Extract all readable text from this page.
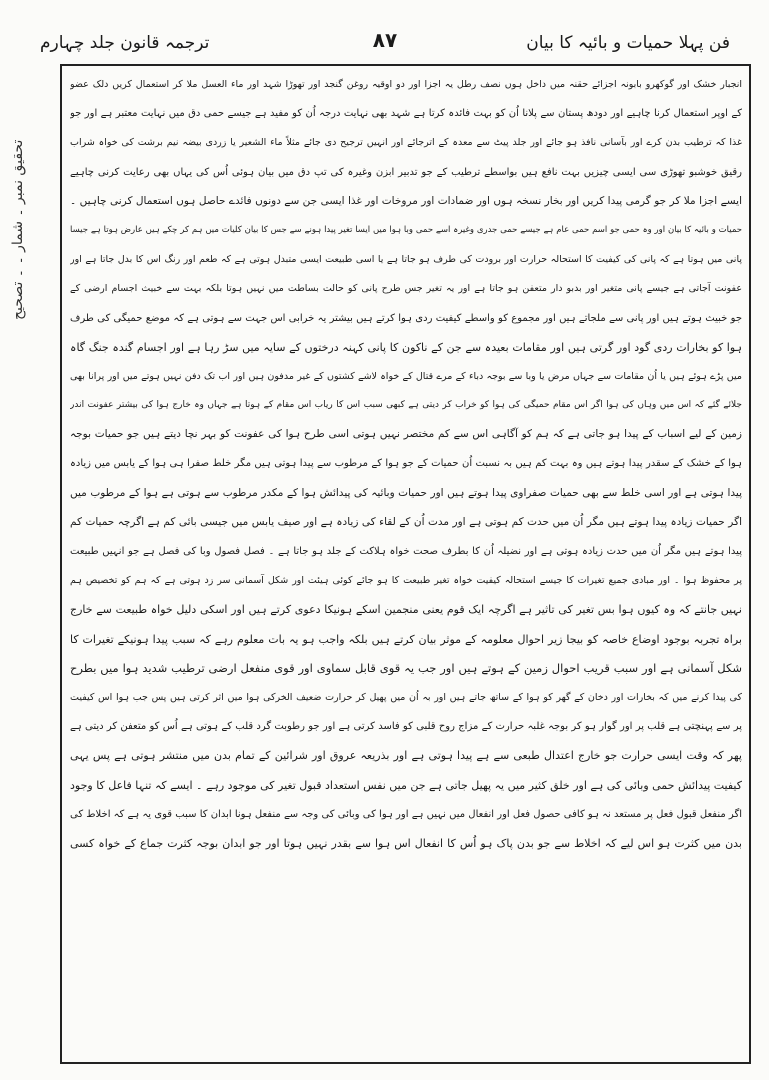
فن پہلا حمیات و بائیہ کا بیان
۸۷
ترجمہ قانون جلد چہارم
تحقیق نمبر ۔ شمار ۔ ۔ تصحیح
انجبار خشک اور گوکھرو بابونہ اجزائے حقنہ میں داخل ہوں نصف رطل یہ اجزا اور دو اوقیہ روغن گنجد اور تھوڑا شہد اور ماء العسل ملا کر استعمال کریں دلک عضو
کے اوپر استعمال کرنا چاہیے اور دودھ پستان سے پلانا اُن کو بہت فائدہ کرتا ہے شہد بھی نہایت درجہ اُن کو مفید ہے جیسے حمی دق میں نہایت معتبر ہے اور جو
غذا کہ ترطیب بدن کرے اور بآسانی نافذ ہو جائے اور جلد پیٹ سے معدہ کے اترجائے اور انہیں ترجیح دی جائے مثلاً ماء الشعیر یا زردی بیضہ نیم برشت کی خواہ شراب
رقیق خوشبو تھوڑی سی ایسی چیزیں بہت نافع ہیں بواسطے ترطیب کے جو تدبیر ابزن وغیرہ کی تپ دق میں بیان ہوئی اُس کی یہاں بھی رعایت کرنی چاہیے
ایسے اجزا ملا کر جو گرمی پیدا کریں اور بخار نسخہ ہوں اور ضمادات اور مروخات اور غذا ایسی جن سے دونوں فائدے حاصل ہوں استعمال کرنی چاہیں ۔
حمیات و بائیہ کا بیان اور وہ حمی جو اسم حمی عام ہے جیسے حمی جدری وغیرہ اسے حمی وبا ہوا میں ایسا تغیر پیدا ہونے سے جس کا بیان کلیات میں ہم کر چکے ہیں عارض ہوتا ہے جیسا
پانی میں ہوتا ہے کہ پانی کی کیفیت کا استحالہ حرارت اور برودت کی طرف ہو جاتا ہے یا اسی طبیعت ایسی متبدل ہوتی ہے کہ طعم اور رنگ اس کا بدل جاتا ہے اور
عفونت آجاتی ہے جیسے پانی متغیر اور بدبو دار متعفن ہو جاتا ہے اور یہ تغیر جس طرح پانی کو حالت بساطت میں نہیں ہوتا بلکہ بہت سے خبیث اجسام ارضی کے
جو خبیث ہوتے ہیں اور پانی سے ملجاتے ہیں اور مجموع کو واسطے کیفیت ردی ہوا کرتے ہیں بیشتر یہ خرابی اس جہت سے ہوتی ہے کہ موضع حمیگی کی طرف
ہوا کو بخارات ردی گود اور گرتی ہیں اور مقامات بعیدہ سے جن کے ناکون کا پانی کہنہ درختوں کے سایہ میں سڑ رہا ہے اور اجسام گندہ جنگ گاہ
میں پڑے ہوئے ہیں یا اُن مقامات سے جہاں مرض یا وبا سے بوجہ دباء کے مرے قتال کے خواہ لاشے کشتوں کے غیر مدفون ہیں اور اب تک دفن نہیں ہوتے میں اور پرانا بھی
جلائے گئے کہ اس میں وہاں کی ہوا اگر اس مقام حمیگی کی ہوا کو خراب کر دیتی ہے کبھی سبب اس کا ریاب اس مقام کے ہوتا ہے جہاں وہ خارج ہوا کی بیشتر عفونت اندر
زمین کے لیے اسباب کے پیدا ہو جاتی ہے کہ ہم کو آگاہی اس سے کم مختصر نہیں ہوتی اسی طرح ہوا کی عفونت کو بہر نچا دیتے ہیں جو حمیات بوجہ
ہوا کے خشک کے سقدر پیدا ہوتے ہیں وہ بہت کم ہیں بہ نسبت اُن حمیات کے جو ہوا کے مرطوب سے پیدا ہوتی ہیں مگر خلط صفرا ہی ہوا کے یابس میں زیادہ
پیدا ہوتی ہے اور اسی خلط سے بھی حمیات صفراوی پیدا ہوتے ہیں اور حمیات وبائیہ کی پیدائش ہوا کے مکدر مرطوب سے ہوتی ہے ہوا کے مرطوب میں
اگر حمیات زیادہ پیدا ہوتے ہیں مگر اُن میں حدت کم ہوتی ہے اور مدت اُن کے لقاء کی زیادہ ہے اور صیف یابس میں جیسی بائی کم ہے اگرچہ حمیات کم
پیدا ہوتے ہیں مگر اُن میں حدت زیادہ ہوتی ہے اور نضیلہ اُن کا بطرف صحت خواہ ہلاکت کے جلد ہو جاتا ہے ۔ فصل فصول وبا کی فصل ہے جو انہیں طبیعت
پر محفوظ ہوا ۔ اور مبادی جمیع تغیرات کا جیسے استحالہ کیفیت خواہ تغیر طبیعت کا ہو جائے کوئی ہیئت اور شکل آسمانی سر زد ہوتی ہے کہ ہم کو تخصیص ہم
نہیں جانتے کہ وہ کیوں ہوا بس تغیر کی تاثیر ہے اگرچہ ایک قوم یعنی منجمین اسکے ہونیکا دعوی کرتے ہیں اور اسکی دلیل خواہ طبیعت سے خارج
براہ تجربہ بوجود اوضاع خاصہ کو بیجا زیر احوال معلومہ کے موثر بیان کرتے ہیں بلکہ واجب ہو یہ بات معلوم رہے کہ سبب پیدا ہونیکے تغیرات کا
شکل آسمانی ہے اور سبب قریب احوال زمین کے ہوتے ہیں اور جب یہ قوی قابل سماوی اور قوی منفعل ارضی ترطیب شدید ہوا میں بطرح
کی پیدا کرنے میں کہ بخارات اور دخان کے گھر کو ہوا کے ساتھ جاتے ہیں اور بہ اُن میں پھیل کر حرارت ضعیف الخرکی ہوا میں اثر کرتی ہیں پس جب ہوا اس کیفیت
پر سے پہنچتی ہے قلب پر اور گوار ہو کر بوجہ غلبہ حرارت کے مزاج روح قلبی کو فاسد کرتی ہے اور جو رطوبت گرد قلب کے ہوتی ہے اُس کو متعفن کر دیتی ہے
پھر کہ وقت ایسی حرارت جو خارج اعتدال طبعی سے ہے پیدا ہوتی ہے اور بذریعہ عروق اور شرائین کے تمام بدن میں منتشر ہوتی ہے پس یہی
کیفیت پیدائش حمی وبائی کی ہے اور خلق کثیر میں یہ پھیل جاتی ہے جن میں نفس استعداد قبول تغیر کی موجود رہے ۔ ایسے کہ تنہا فاعل کا وجود
اگر منفعل قبول فعل پر مستعد نہ ہو کافی حصول فعل اور انفعال میں نہیں ہے اور ہوا کی وبائی کی وجہ سے منفعل ہونا ابدان کا سبب قوی یہ ہے کہ اخلاط کی
بدن میں کثرت ہو اس لیے کہ اخلاط سے جو بدن پاک ہو اُس کا انفعال اس ہوا سے بقدر نہیں ہوتا اور جو ابدان بوجہ کثرت جماع کے خواہ کسی
